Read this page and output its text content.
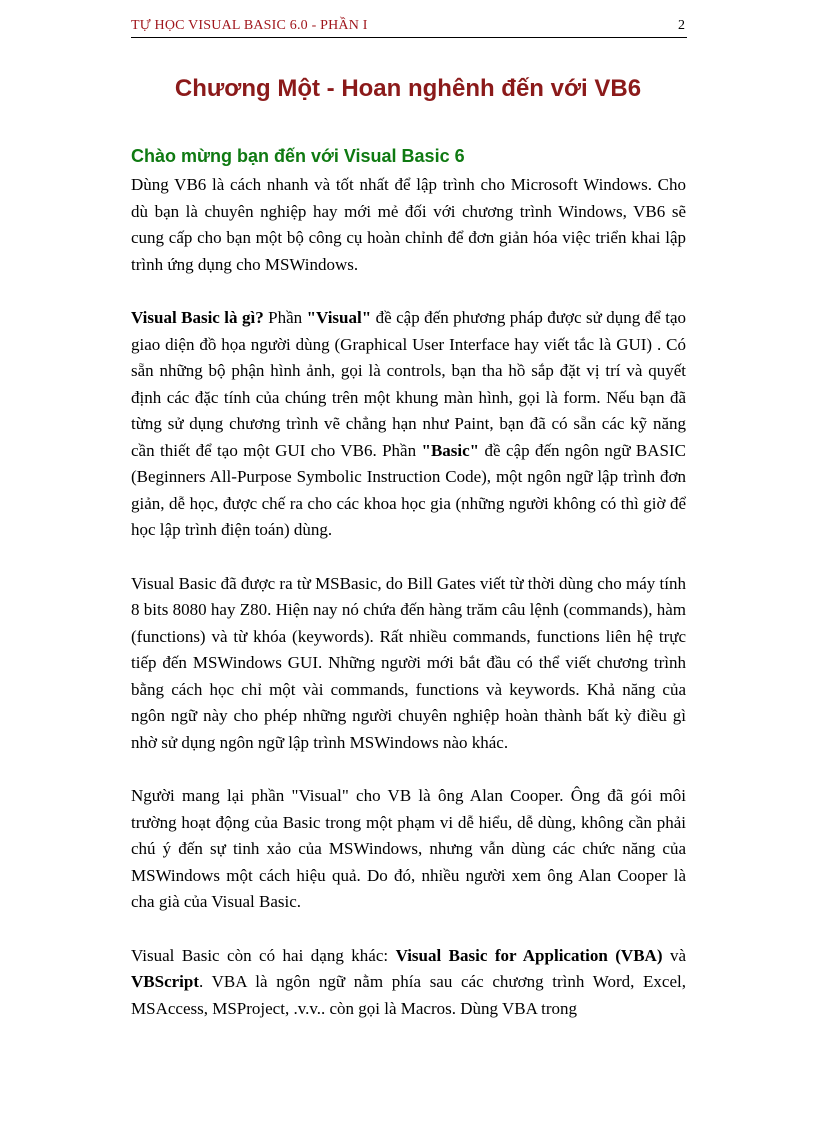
TỰ HỌC VISUAL BASIC 6.0 - PHẦN I	2
Chương Một - Hoan nghênh đến với VB6
Chào mừng bạn đến với Visual Basic 6

Dùng VB6 là cách nhanh và tốt nhất để lập trình cho Microsoft Windows. Cho dù bạn là chuyên nghiệp hay mới mẻ đối với chương trình Windows, VB6 sẽ cung cấp cho bạn một bộ công cụ hoàn chỉnh để đơn giản hóa việc triển khai lập trình ứng dụng cho MSWindows.

Visual Basic là gì? Phần "Visual" đề cập đến phương pháp được sử dụng để tạo giao diện đồ họa người dùng (Graphical User Interface hay viết tắc là GUI) . Có sẵn những bộ phận hình ảnh, gọi là controls, bạn tha hồ sắp đặt vị trí và quyết định các đặc tính của chúng trên một khung màn hình, gọi là form. Nếu bạn đã từng sử dụng chương trình vẽ chẳng hạn như Paint, bạn đã có sẵn các kỹ năng cần thiết để tạo một GUI cho VB6. Phần "Basic" đề cập đến ngôn ngữ BASIC (Beginners All-Purpose Symbolic Instruction Code), một ngôn ngữ lập trình đơn giản, dễ học, được chế ra cho các khoa học gia (những người không có thì giờ để học lập trình điện toán) dùng.

Visual Basic đã được ra từ MSBasic, do Bill Gates viết từ thời dùng cho máy tính 8 bits 8080 hay Z80. Hiện nay nó chứa đến hàng trăm câu lệnh (commands), hàm (functions) và từ khóa (keywords). Rất nhiều commands, functions liên hệ trực tiếp đến MSWindows GUI. Những người mới bắt đầu có thể viết chương trình bằng cách học chỉ một vài commands, functions và keywords. Khả năng của ngôn ngữ này cho phép những người chuyên nghiệp hoàn thành bất kỳ điều gì nhờ sử dụng ngôn ngữ lập trình MSWindows nào khác.

Người mang lại phần "Visual" cho VB là ông Alan Cooper. Ông đã gói môi trường hoạt động của Basic trong một phạm vi dễ hiểu, dễ dùng, không cần phải chú ý đến sự tinh xảo của MSWindows, nhưng vẫn dùng các chức năng của MSWindows một cách hiệu quả. Do đó, nhiều người xem ông Alan Cooper là cha già của Visual Basic.

Visual Basic còn có hai dạng khác: Visual Basic for Application (VBA) và VBScript. VBA là ngôn ngữ nằm phía sau các chương trình Word, Excel, MSAccess, MSProject, .v.v.. còn gọi là Macros. Dùng VBA trong
